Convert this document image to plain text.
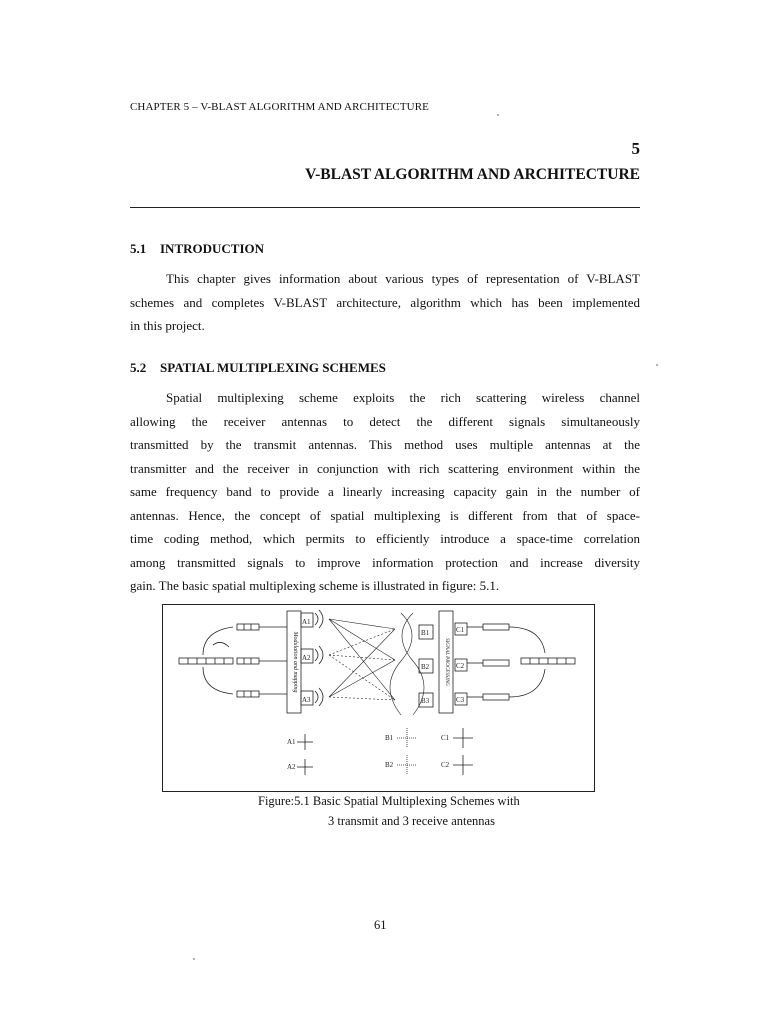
CHAPTER 5 – V-BLAST ALGORITHM AND ARCHITECTURE
5
V-BLAST ALGORITHM AND ARCHITECTURE
5.1 INTRODUCTION
This chapter gives information about various types of representation of V-BLAST
schemes and completes V-BLAST architecture, algorithm which has been implemented
in this project.
5.2 SPATIAL MULTIPLEXING SCHEMES
Spatial multiplexing scheme exploits the rich scattering wireless channel
allowing the receiver antennas to detect the different signals simultaneously
transmitted by the transmit antennas. This method uses multiple antennas at the
transmitter and the receiver in conjunction with rich scattering environment within the
same frequency band to provide a linearly increasing capacity gain in the number of
antennas. Hence, the concept of spatial multiplexing is different from that of space-
time coding method, which permits to efficiently introduce a space-time correlation
among transmitted signals to improve information protection and increase diversity
gain. The basic spatial multiplexing scheme is illustrated in figure: 5.1.
Modulation and mapping
A1
A2
A3
B1
B2
B3
SIGNAL PROCESSING
C1
C2
C3
A1
A2
B1
B2
C1
C2
Figure:5.1 Basic Spatial Multiplexing Schemes with
3 transmit and 3 receive antennas
61
